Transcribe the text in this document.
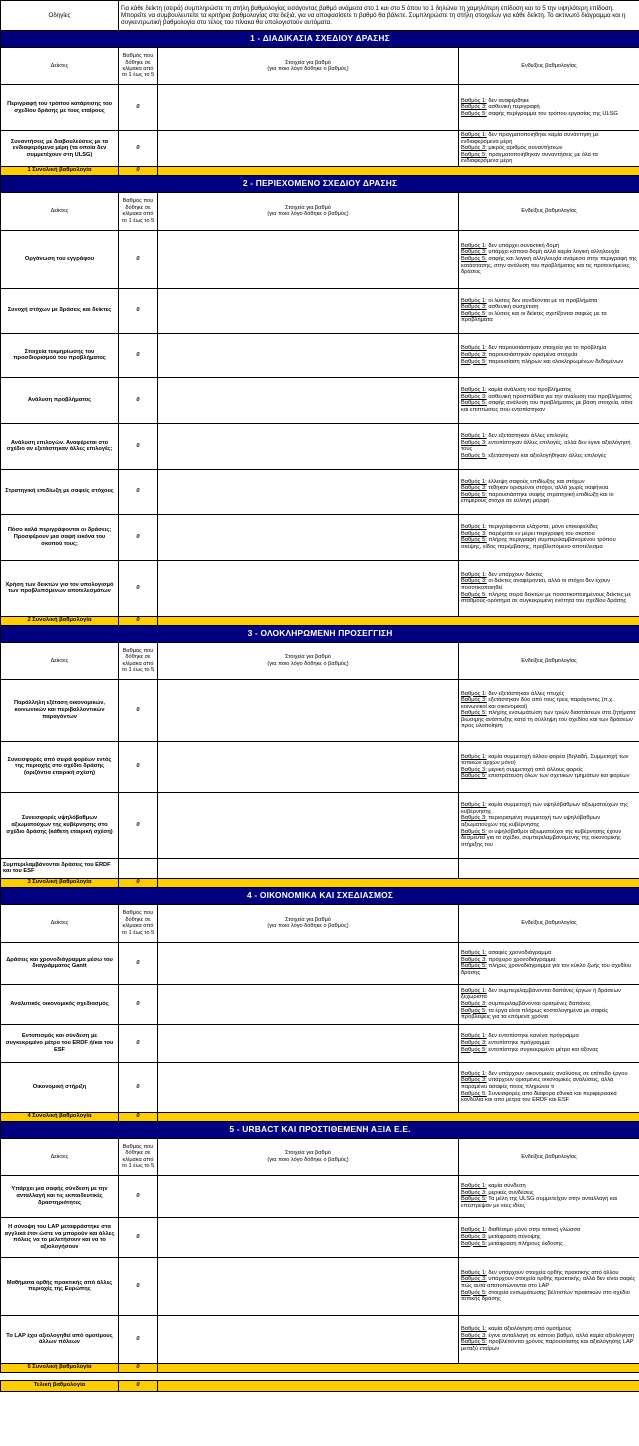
Οδηγίες	Για κάθε δείκτη (σειρά) συμπληρώστε τη στήλη βαθμολογίας εισάγοντας βαθμό ανάμεσα στο 1 και στο 5 όπου το 1 δηλώνει τη χαμηλότερη επίδοση και το 5 την υψηλότερη επίδοση. Μπορείτε να συμβουλευτείτε τα κριτήρια βαθμολογίας στα δεξιά, για να αποφασίσετε τι βαθμό θα βάλετε. Συμπληρώστε τη στήλη στοιχείων για κάθε δείκτη. Το ακτινωτό διάγραμμα και η συγκεντρωτική βαθμολογία στο τέλος του πίνακα θα υπολογιστούν αυτόματα.		
1 - ΔΙΑΔΙΚΑΣΙΑ ΣΧΕΔΙΟΥ ΔΡΑΣΗΣ			
Δείκτες	Βαθμός που δόθηκε σε κλίμακα από το 1 έως το 5	Στοιχεία για βαθμό
(για ποιο λόγο δόθηκε ο βαθμός)	Ενδείξεις βαθμολογίας
Περιγραφή του τρόπου κατάρτισης του σχεδίου δράσης με τους εταίρους	0		Βαθμός 1: δεν αναφέρθηκε
Βαθμός 3: ασθενική περιγραφή
Βαθμός 5: σαφής περίγραμμα του τρόπου εργασίας της ULSG

Συναντήσεις με διαβουλεύσεις με τα ενδιαφερόμενα μέρη (τα οποία δεν συμμετέχουν στη ULSG)	0		Βαθμός 1: δεν πραγματοποιήθηκε καμία συνάντηση με ενδιαφερόμενα μέρη
Βαθμός 3: μικρός αριθμός συναντήσεων
Βαθμός 5: πραγματοποιήθηκαν συναντήσεις με όλα τα ενδιαφερόμενα μέρη

1 Συνολική βαθμολογία	0		
2 - ΠΕΡΙΕΧΟΜΕΝΟ ΣΧΕΔΙΟΥ ΔΡΑΣΗΣ			
Δείκτες	Βαθμός που δόθηκε σε κλίμακα από το 1 έως το 5	Στοιχεία για βαθμό
(για ποιο λόγο δόθηκε ο βαθμός)	Ενδείξεις βαθμολογίας
Οργάνωση του εγγράφου	0		Βαθμός 1: δεν υπάρχει συνεκτική δομή
Βαθμός 3: υπάρχει κάποια δομή αλλά καμία λογική αλληλουχία
Βαθμός 5: σαφής και λογική αλληλουχία ανάμεσα στην περιγραφή της κατάστασης, στην ανάλυση του προβλήματος και τις προτεινόμενες δράσεις

Συνοχή στόχων με δράσεις και δείκτες	0		Βαθμός 1: οι λύσεις δεν συνδέονται με τα προβλήματα
Βαθμός 3: ασθενική συσχέτιση
Βαθμός 5: οι λύσεις και οι δείκτες σχετίζονται σαφώς με τα προβλήματα

Στοιχεία τεκμηρίωσης του προσδιορισμού του προβλήματος	0		Βαθμός 1: δεν παρουσιάστηκαν στοιχεία για το πρόβλημα
Βαθμός 3: παρουσιάστηκαν ορισμένα στοιχεία
Βαθμός 5: παρουσίαση πλήρων και ολοκληρωμένων δεδομένων

Ανάλυση προβλήματος	0		Βαθμός 1: καμία ανάλυση του προβλήματος
Βαθμός 3: ασθενική προσπάθεια για την ανάλυση του προβλήματος
Βαθμός 5: σαφής ανάλυση του προβλήματος με βάση στοιχεία, αίτια και επιπτώσεις που εντοπίστηκαν

Ανάλυση επιλογών. Αναφέρεται στο σχέδιο αν εξετάστηκαν άλλες επιλογές;	0		Βαθμός 1: δεν εξετάστηκαν άλλες επιλογές
Βαθμός 3: εντοπίστηκαν άλλες επιλογές, αλλά δεν έγινε αξιολόγησή τους
Βαθμός 5: εξετάστηκαν και αξιολογήθηκαν άλλες επιλογές

Στρατηγική επιδίωξη με σαφείς στόχους	0		Βαθμός 1: έλλειψη σαφούς επιδίωξης και στόχων
Βαθμός 3: τέθηκαν ορισμένοι στόχοι, αλλά χωρίς σαφήνεια
Βαθμός 5: παρουσιάστηκε σαφής στρατηγική επιδίωξη και οι επιμέρους στόχοι σε εύλογη μορφή

Πόσο καλά περιγράφονται οι δράσεις; Προσφέρουν μια σαφή εικόνα του σκοπού τους;	0		Βαθμός 1: περιγράφονται ελάχιστα, μόνο επικεφαλίδες
Βαθμός 3: παρέχεται εν μέρει περιγραφή του σκοπού
Βαθμός 5: πλήρης περιγραφή συμπεριλαμβανομένου τρόπου σκέψης, είδος παρέμβασης, προβλεπόμενο αποτέλεσμα

Χρήση των δεικτών για τον υπολογισμό των προβλεπόμενων αποτελεσμάτων	0		Βαθμός 1: δεν υπάρχουν δείκτες
Βαθμός 3: οι δείκτες αναφέρονται, αλλά οι στόχοι δεν έχουν ποσοτικοποιηθεί
Βαθμός 5: πλήρης σειρά δεικτών με ποσοτικοποιημένους δείκτες με σταθμούς-ορόσημα σε συγκεκριμένη ενότητα του σχεδίου δράσης

2 Συνολική βαθμολογία	0		
3 - ΟΛΟΚΛΗΡΩΜΕΝΗ ΠΡΟΣΕΓΓΙΣΗ			
Δείκτες	Βαθμός που δόθηκε σε κλίμακα από το 1 έως το 5	Στοιχεία για βαθμό
(για ποιο λόγο δόθηκε ο βαθμός)	Ενδείξεις βαθμολογίας
Παράλληλη εξέταση οικονομικών, κοινωνικών και περιβαλλοντικών παραγόντων	0		Βαθμός 1: δεν εξετάστηκαν άλλες πτυχές
Βαθμός 3: εξετάστηκαν δύο από τους τρεις παράγοντες (π.χ. κοινωνικοί και οικονομικοί)
Βαθμός 5: πλήρης ενσωμάτωση των τριών διαστάσεων στα ζητήματα βιώσιμης ανάπτυξης κατά τη σύλληψη του σχεδίου και των δράσεων προς υλοποίηση

Συνεισφορές από σειρά φορέων εντός της περιοχής στο σχέδιο δράσης (οριζόντια εταιρική σχέση)	0		Βαθμός 1: καμία συμμετοχή άλλου φορέα (δηλαδή, Συμμετοχή των τοπικών αρχών μόνο)
Βαθμός 3: μερική συμμετοχή από άλλους φορείς
Βαθμός 5: επιστράτευση όλων των σχετικών τμημάτων και φορέων

Συνεισφορές υψηλόβαθμων αξιωματούχων της κυβέρνησης στο σχέδιο δράσης (κάθετη εταιρική σχέση)	0		Βαθμός 1: καμία συμμετοχή των υψηλόβαθμων αξιωματούχων της κυβέρνησης
Βαθμός 3: περιορισμένη συμμετοχή των υψηλόβαθμων αξιωματούχων της κυβέρνησης
Βαθμός 5: οι υψηλόβαθμοι αξιωματούχοι της κυβέρνησης έχουν δεσμευτεί για το σχέδιο, συμπεριλαμβανομένης της οικονομικής στήριξης του

Συμπεριλαμβάνονται δράσεις του ERDF και του ESF			
3 Συνολική βαθμολογία	0		
4 - ΟΙΚΟΝΟΜΙΚΑ ΚΑΙ ΣΧΕΔΙΑΣΜΟΣ			
Δείκτες	Βαθμός που δόθηκε σε κλίμακα από το 1 έως το 5	Στοιχεία για βαθμό
(για ποιο λόγο δόθηκε ο βαθμός)	Ενδείξεις βαθμολογίας
Δράσεις και χρονοδιάγραμμα μέσω του διαγράμματος Gantt	0		Βαθμός 1: ασαφές χρονοδιάγραμμα
Βαθμός 3: πρόχειρο χρονοδιάγραμμα
Βαθμός 5: πλήρες χρονοδιάγραμμα για τον κύκλο ζωής του σχεδίου δράσης

Αναλυτικός οικονομικός σχεδιασμός	0		Βαθμός 1: δεν συμπεριλαμβάνονται δαπάνες έργων ή δράσεων ξεχωριστά
Βαθμός 3: συμπεριλαμβάνονται ορισμένες δαπάνες
Βαθμός 5: τα έργα είναι πλήρως κοστολογημένα με σαφείς προβλέψεις για τα επόμενα χρόνια

Εντοπισμός και σύνδεση με συγκεκριμένο μέτρο του ERDF ή/και του ESF	0		Βαθμός 1: δεν εντοπίστηκε κανένα πρόγραμμα
Βαθμός 3: εντοπίστηκε πρόγραμμα
Βαθμός 5: εντοπίστηκε συγκεκριμένο μέτρο και άξονας

Οικονομική στήριξη	0		Βαθμός 1: δεν υπάρχουν οικονομικές αναλύσεις σε επίπεδο έργου
Βαθμός 3: υπάρχουν ορισμένες οικονομικές αναλύσεις, αλλά παραμένει ασαφές ποιος πληρώνει τι
Βαθμός 5: Συνεισφορές από διάφορα εθνικά και περιφερειακά κονδύλια και από μέτρα του ERDF και ESF

4 Συνολική βαθμολογία	0		
5 - URBACT ΚΑΙ ΠΡΟΣΤΙΘΕΜΕΝΗ ΑΞΙΑ Ε.Ε.			
Δείκτες	Βαθμός που δόθηκε σε κλίμακα από το 1 έως το 5	Στοιχεία για βαθμό
(για ποιο λόγο δόθηκε ο βαθμός)	Ενδείξεις βαθμολογίας
Υπάρχει μια σαφής σύνδεση με την ανταλλαγή και τις εκπαιδευτικές δραστηριότητες	0		Βαθμός 1: καμία σύνδεση
Βαθμός 3: μερικές συνδέσεις
Βαθμός 5: Τα μέλη της ULSG συμμετείχαν στην ανταλλαγή και επέστρεψαν με νέες ιδέες

Η σύνοψη του LAP μεταφράστηκε στα αγγλικά έτσι ώστε να μπορούν και άλλες πόλεις να το μελετήσουν και να το αξιολογήσουν	0		Βαθμός 1: διαθέσιμο μόνο στην τοπική γλώσσα
Βαθμός 3: μετάφραση σύνοψης
Βαθμός 5: μετάφραση πλήρους έκδοσης

Μαθήματα ορθής πρακτικής από άλλες περιοχές της Ευρώπης	0		Βαθμός 1: δεν υπάρχουν στοιχεία ορθής πρακτικής από άλλου
Βαθμός 3: υπάρχουν στοιχεία ορθής πρακτικής, αλλά δεν είναι σαφές πώς αυτά αποτυπώνονται στο LAP
Βαθμός 5: στοιχεία ενσωμάτωσης βέλτιστων πρακτικών στο σχέδιο τοπικής δράσης

Το LAP έχει αξιολογηθεί από ομοτίμους άλλων πόλεων	0		Βαθμός 1: καμία αξιολόγηση από ομοτίμους
Βαθμός 3: έγινε ανταλλαγή σε κάποιο βαθμό, αλλά καμία αξιολόγηση
Βαθμός 5: προβλέπονται χρόνος παρουσίασης και αξιολόγησης LAP μεταξύ εταίρων

5 Συνολική βαθμολογία	0		

Τελική βαθμολογία	0		
